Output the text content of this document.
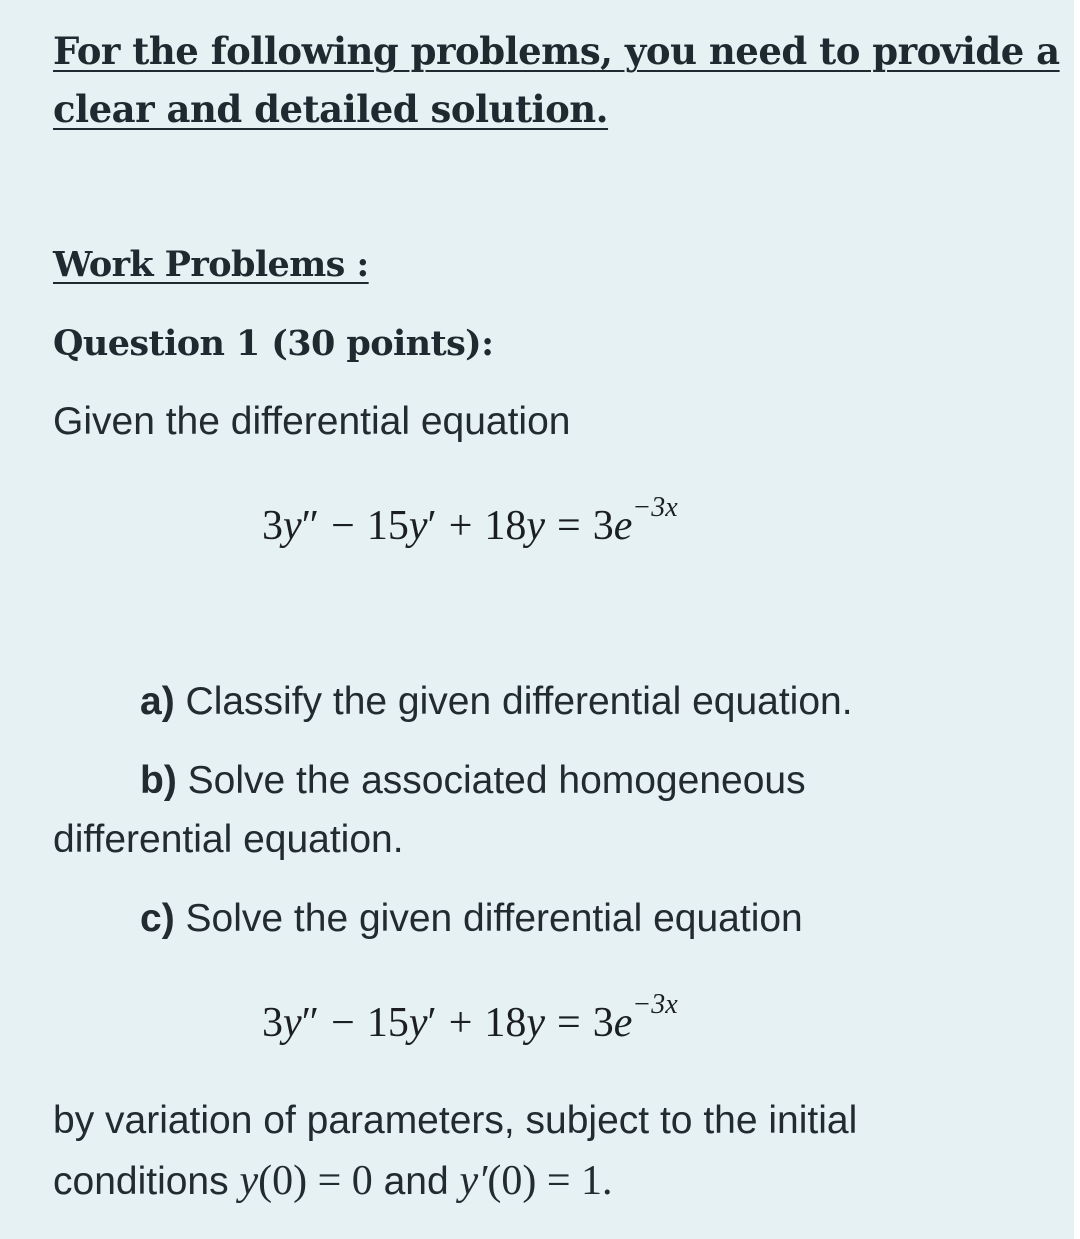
For the following problems, you need to provide a
clear and detailed solution.
Work Problems :
Question 1 (30 points):
Given the differential equation
$3y'' - 15y' + 18y = 3e^{-3x}$
a) Classify the given differential equation.
b) Solve the associated homogeneous
differential equation.
c) Solve the given differential equation
$3y'' - 15y' + 18y = 3e^{-3x}$
by variation of parameters, subject to the initial
conditions y(0) = 0 and y′(0) = 1.
